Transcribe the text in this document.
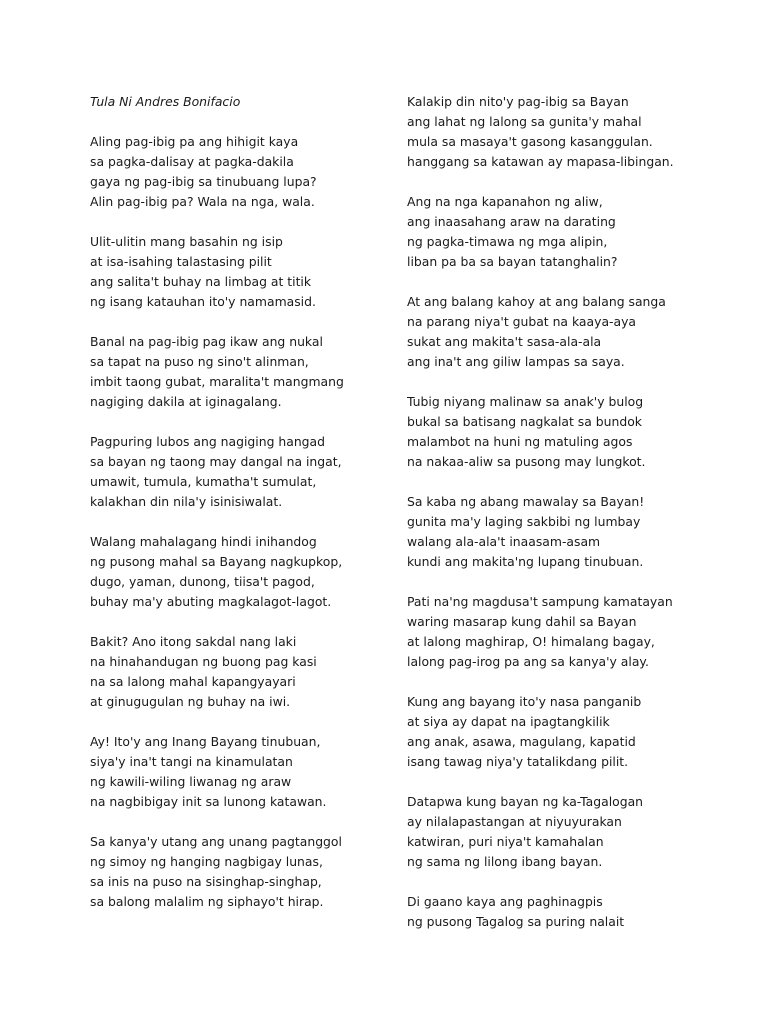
Tula Ni Andres Bonifacio
Aling pag-ibig pa ang hihigit kaya
sa pagka-dalisay at pagka-dakila
gaya ng pag-ibig sa tinubuang lupa?
Alin pag-ibig pa? Wala na nga, wala.
Ulit-ulitin mang basahin ng isip
at isa-isahing talastasing pilit
ang salita't buhay na limbag at titik
ng isang katauhan ito'y namamasid.
Banal na pag-ibig pag ikaw ang nukal
sa tapat na puso ng sino't alinman,
imbit taong gubat, maralita't mangmang
nagiging dakila at iginagalang.
Pagpuring lubos ang nagiging hangad
sa bayan ng taong may dangal na ingat,
umawit, tumula, kumatha't sumulat,
kalakhan din nila'y isinisiwalat.
Walang mahalagang hindi inihandog
ng pusong mahal sa Bayang nagkupkop,
dugo, yaman, dunong, tiisa't pagod,
buhay ma'y abuting magkalagot-lagot.
Bakit? Ano itong sakdal nang laki
na hinahandugan ng buong pag kasi
na sa lalong mahal kapangyayari
at ginugugulan ng buhay na iwi.
Ay! Ito'y ang Inang Bayang tinubuan,
siya'y ina't tangi na kinamulatan
ng kawili-wiling liwanag ng araw
na nagbibigay init sa lunong katawan.
Sa kanya'y utang ang unang pagtanggol
ng simoy ng hanging nagbigay lunas,
sa inis na puso na sisinghap-singhap,
sa balong malalim ng siphayo't hirap.
Kalakip din nito'y pag-ibig sa Bayan
ang lahat ng lalong sa gunita'y mahal
mula sa masaya't gasong kasanggulan.
hanggang sa katawan ay mapasa-libingan.
Ang na nga kapanahon ng aliw,
ang inaasahang araw na darating
ng pagka-timawa ng mga alipin,
liban pa ba sa bayan tatanghalin?
At ang balang kahoy at ang balang sanga
na parang niya't gubat na kaaya-aya
sukat ang makita't sasa-ala-ala
ang ina't ang giliw lampas sa saya.
Tubig niyang malinaw sa anak'y bulog
bukal sa batisang nagkalat sa bundok
malambot na huni ng matuling agos
na nakaa-aliw sa pusong may lungkot.
Sa kaba ng abang mawalay sa Bayan!
gunita ma'y laging sakbibi ng lumbay
walang ala-ala't inaasam-asam
kundi ang makita'ng lupang tinubuan.
Pati na'ng magdusa't sampung kamatayan
waring masarap kung dahil sa Bayan
at lalong maghirap, O! himalang bagay,
lalong pag-irog pa ang sa kanya'y alay.
Kung ang bayang ito'y nasa panganib
at siya ay dapat na ipagtangkilik
ang anak, asawa, magulang, kapatid
isang tawag niya'y tatalikdang pilit.
Datapwa kung bayan ng ka-Tagalogan
ay nilalapastangan at niyuyurakan
katwiran, puri niya't kamahalan
ng sama ng lilong ibang bayan.
Di gaano kaya ang paghinagpis
ng pusong Tagalog sa puring nalait
